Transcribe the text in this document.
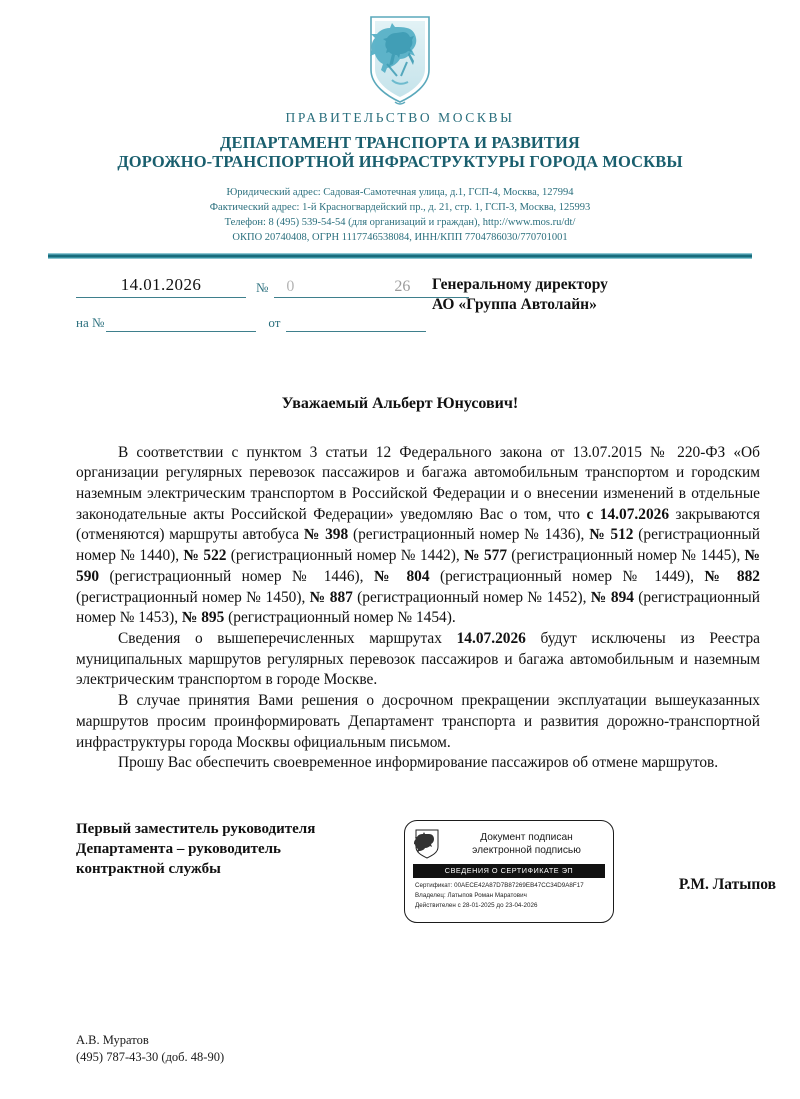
ПРАВИТЕЛЬСТВО МОСКВЫ
ДЕПАРТАМЕНТ ТРАНСПОРТА И РАЗВИТИЯ
ДОРОЖНО-ТРАНСПОРТНОЙ ИНФРАСТРУКТУРЫ ГОРОДА МОСКВЫ
Юридический адрес: Садовая-Самотечная улица, д.1, ГСП-4, Москва, 127994
Фактический адрес: 1-й Красногвардейский пр., д. 21, стр. 1, ГСП-3, Москва, 125993
Телефон: 8 (495) 539-54-54 (для организаций и граждан), http://www.mos.ru/dt/
ОКПО 20740408, ОГРН 1117746538084, ИНН/КПП 7704786030/770701001
14.01.2026	№	0	26
на №	от
Генеральному директору
АО «Группа Автолайн»
Уважаемый Альберт Юнусович!

В соответствии с пунктом 3 статьи 12 Федерального закона от 13.07.2015 № 220-ФЗ «Об организации регулярных перевозок пассажиров и багажа автомобильным транспортом и городским наземным электрическим транспортом в Российской Федерации и о внесении изменений в отдельные законодательные акты Российской Федерации» уведомляю Вас о том, что с 14.07.2026 закрываются (отменяются) маршруты автобуса № 398 (регистрационный номер № 1436), № 512 (регистрационный номер № 1440), № 522 (регистрационный номер № 1442), № 577 (регистрационный номер № 1445), № 590 (регистрационный номер № 1446), № 804 (регистрационный номер № 1449), № 882 (регистрационный номер № 1450), № 887 (регистрационный номер № 1452), № 894 (регистрационный номер № 1453), № 895 (регистрационный номер № 1454).

Сведения о вышеперечисленных маршрутах 14.07.2026 будут исключены из Реестра муниципальных маршрутов регулярных перевозок пассажиров и багажа автомобильным и наземным электрическим транспортом в городе Москве.

В случае принятия Вами решения о досрочном прекращении эксплуатации вышеуказанных маршрутов просим проинформировать Департамент транспорта и развития дорожно-транспортной инфраструктуры города Москвы официальным письмом.

Прошу Вас обеспечить своевременное информирование пассажиров об отмене маршрутов.

Первый заместитель руководителя
Департамента – руководитель
контрактной службы
Документ подписан
электронной подписью
СВЕДЕНИЯ О СЕРТИФИКАТЕ ЭП
Сертификат: 00AECE42A87D7B87269EB47CC34D9A8F17
Владелец: Латыпов Роман Маратович
Действителен с 28-01-2025 до 23-04-2026
Р.М. Латыпов
А.В. Муратов
(495) 787-43-30 (доб. 48-90)
